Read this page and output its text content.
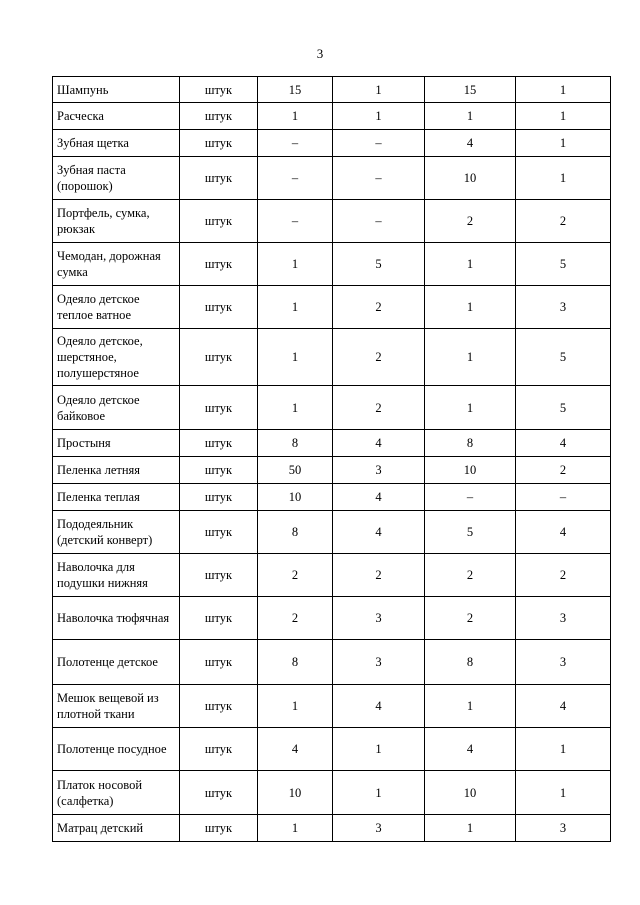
3
Шампунь	штук	15	1	15	1
Расческа	штук	1	1	1	1
Зубная щетка	штук	–	–	4	1
Зубная паста (порошок)	штук	–	–	10	1
Портфель, сумка, рюкзак	штук	–	–	2	2
Чемодан, дорожная сумка	штук	1	5	1	5
Одеяло детское теплое ватное	штук	1	2	1	3
Одеяло детское, шерстяное, полушерстяное	штук	1	2	1	5
Одеяло детское байковое	штук	1	2	1	5
Простыня	штук	8	4	8	4
Пеленка летняя	штук	50	3	10	2
Пеленка теплая	штук	10	4	–	–
Пододеяльник (детский конверт)	штук	8	4	5	4
Наволочка для подушки нижняя	штук	2	2	2	2
Наволочка тюфячная	штук	2	3	2	3
Полотенце детское	штук	8	3	8	3
Мешок вещевой из плотной ткани	штук	1	4	1	4
Полотенце посудное	штук	4	1	4	1
Платок носовой (салфетка)	штук	10	1	10	1
Матрац детский	штук	1	3	1	3
